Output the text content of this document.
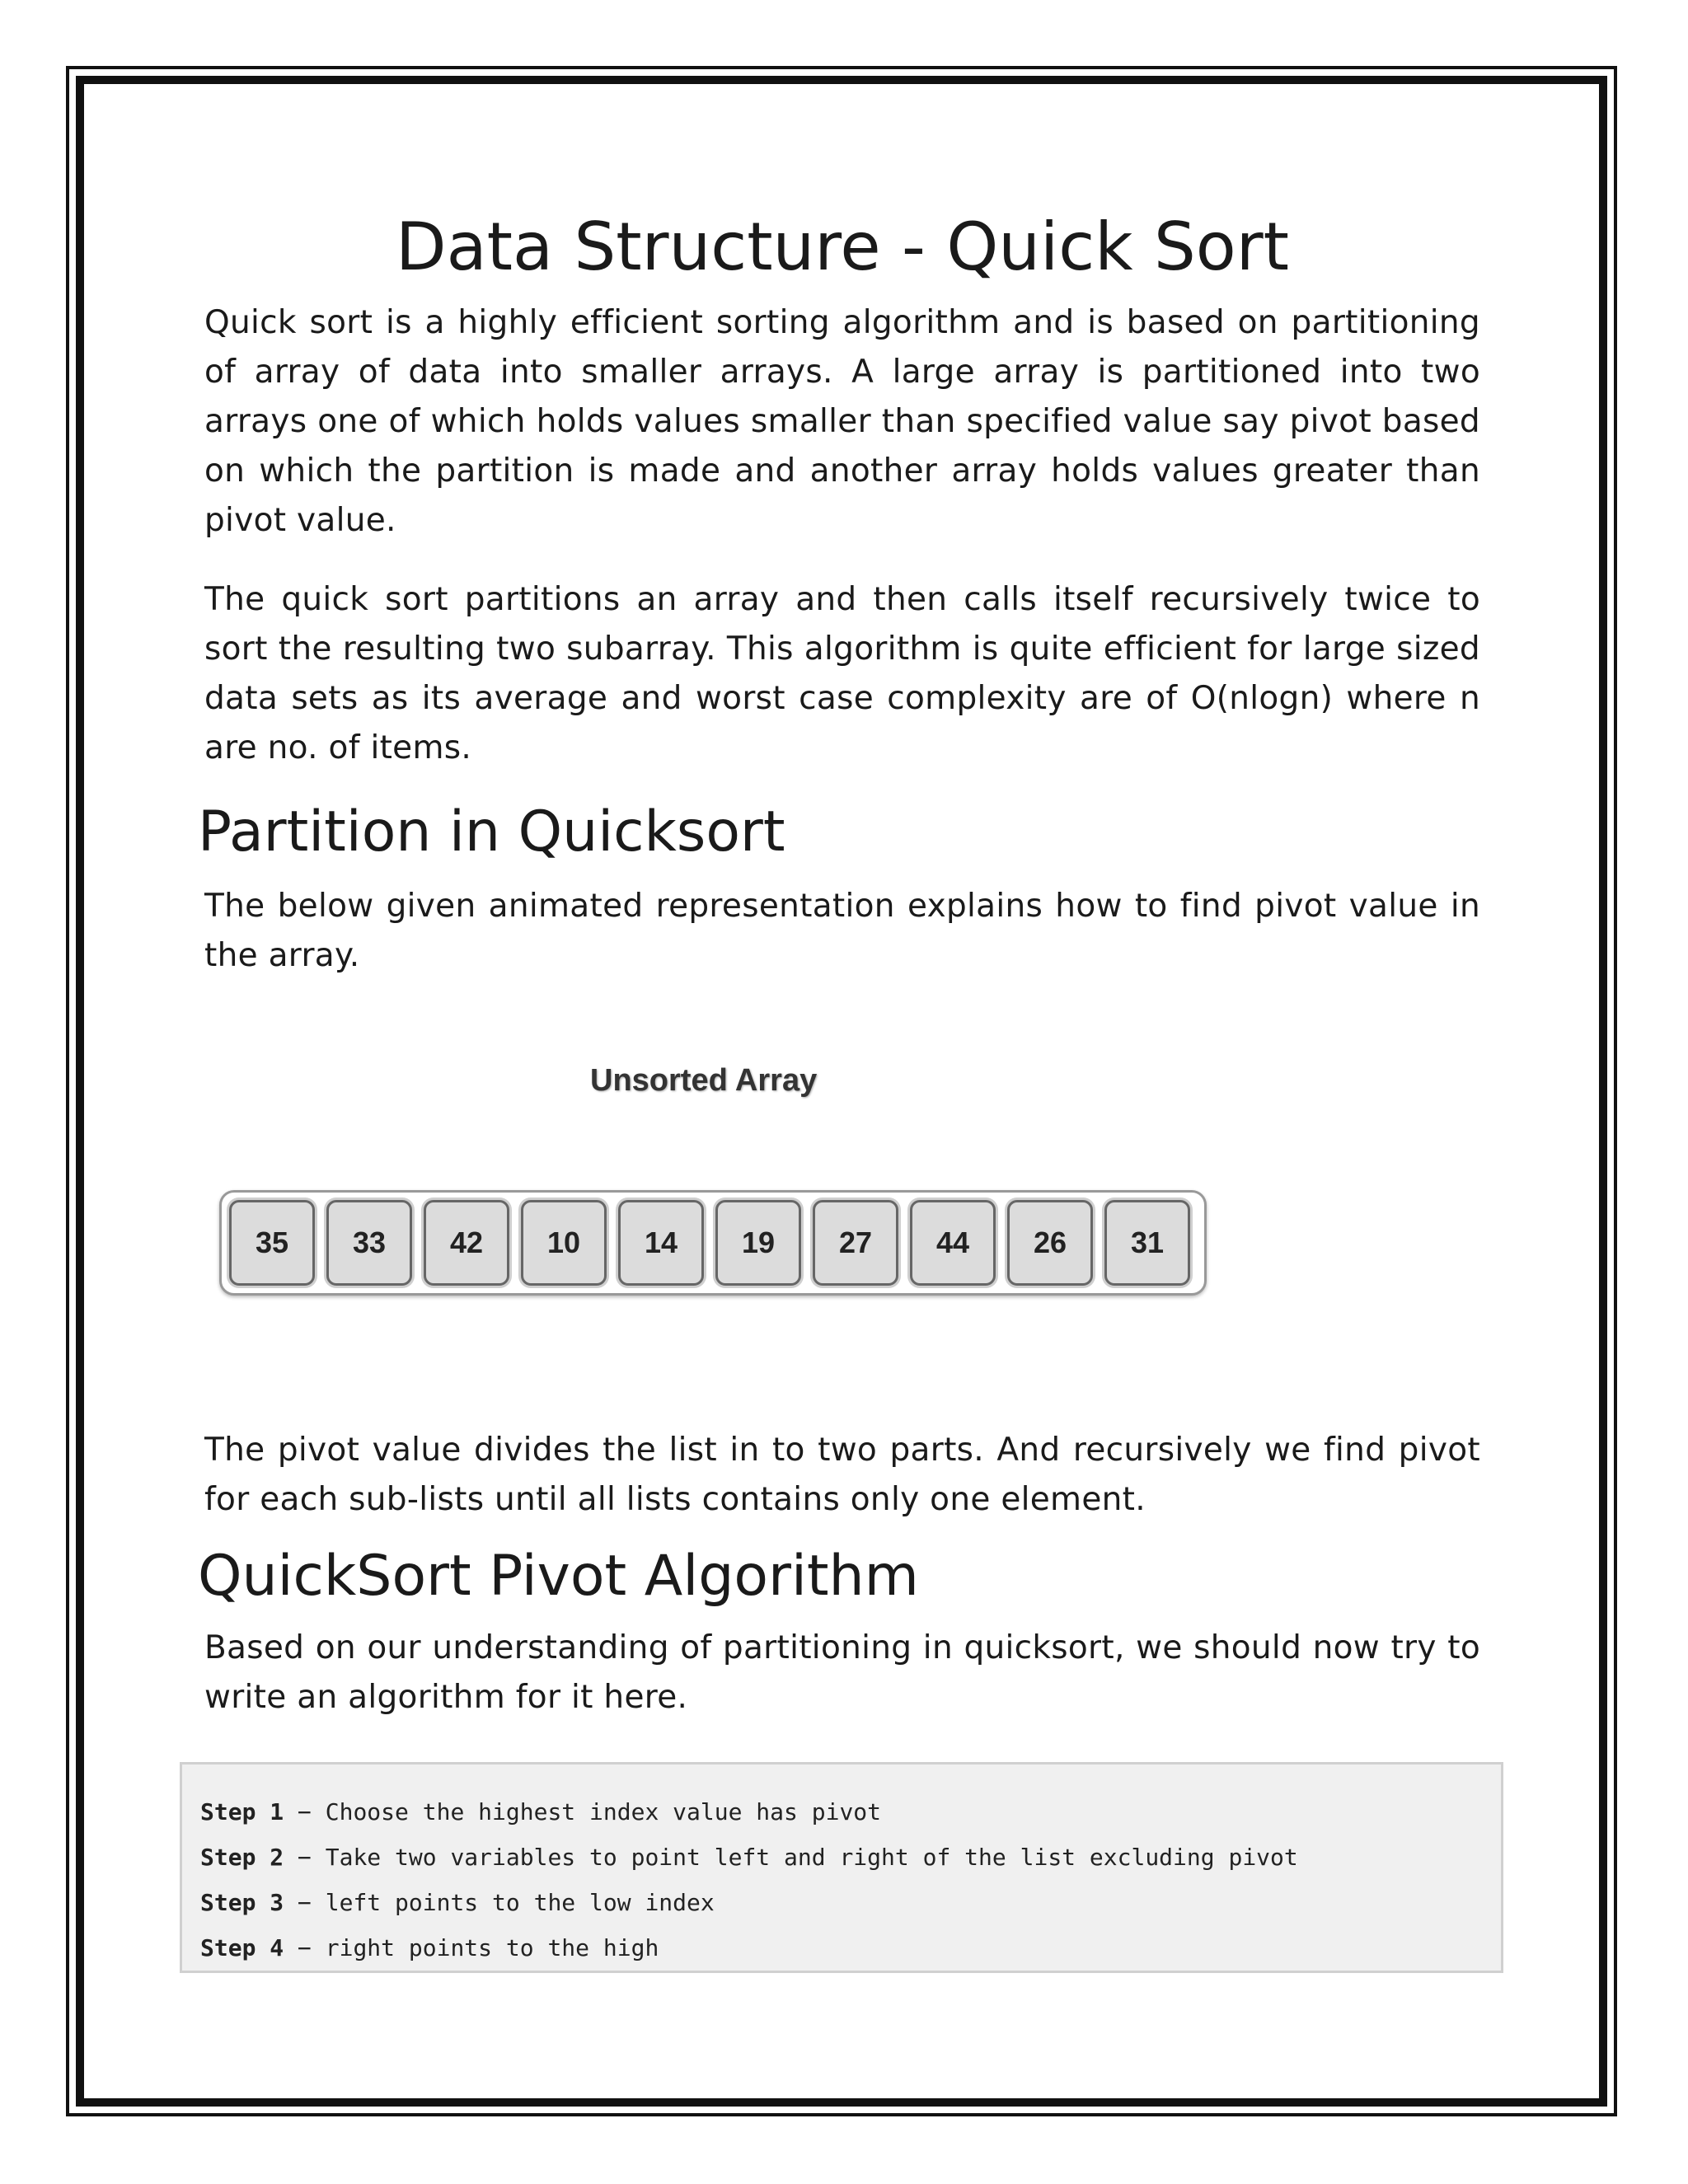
Data Structure - Quick Sort

Quick sort is a highly efficient sorting algorithm and is based on partitioning of array of data into smaller arrays. A large array is partitioned into two arrays one of which holds values smaller than specified value say pivot based on which the partition is made and another array holds values greater than pivot value.

The quick sort partitions an array and then calls itself recursively twice to sort the resulting two subarray. This algorithm is quite efficient for large sized data sets as its average and worst case complexity are of O(nlogn) where n are no. of items.

Partition in Quicksort

The below given animated representation explains how to find pivot value in the array.

Unsorted Array
35	33	42	10	14	19	27	44	26	31

The pivot value divides the list in to two parts. And recursively we find pivot for each sub-lists until all lists contains only one element.

QuickSort Pivot Algorithm

Based on our understanding of partitioning in quicksort, we should now try to write an algorithm for it here.

Step 1 − Choose the highest index value has pivot
Step 2 − Take two variables to point left and right of the list excluding pivot
Step 3 − left points to the low index
Step 4 − right points to the high
